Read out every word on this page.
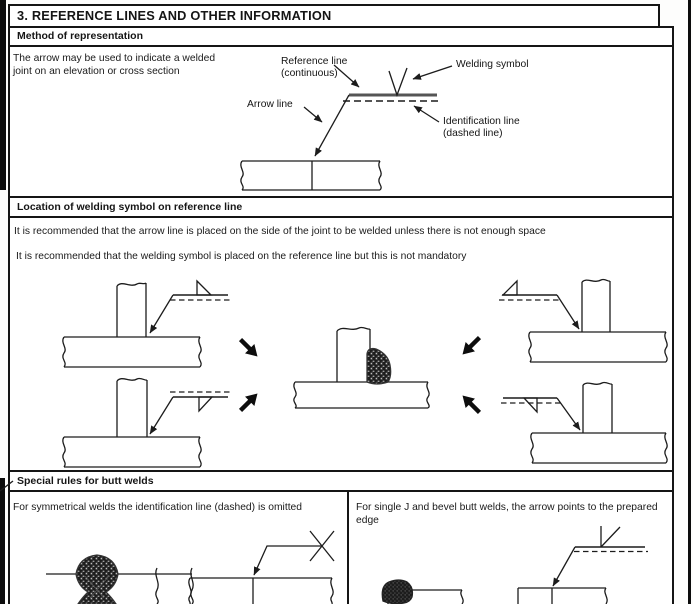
3. REFERENCE LINES AND OTHER INFORMATION
Method of representation
Location of welding symbol on reference line
Special rules for butt welds
The arrow may be used to indicate a welded
joint on an elevation or cross section
Reference line
(continuous)
Welding symbol
Arrow line
Identification line
(dashed line)
It is recommended that the arrow line is placed on the side of the joint to be welded unless there is not enough space
It is recommended that the welding symbol is placed on the reference line but this is not mandatory
For symmetrical welds the identification line (dashed) is omitted	For single J and bevel butt welds, the arrow points to the prepared
edge
